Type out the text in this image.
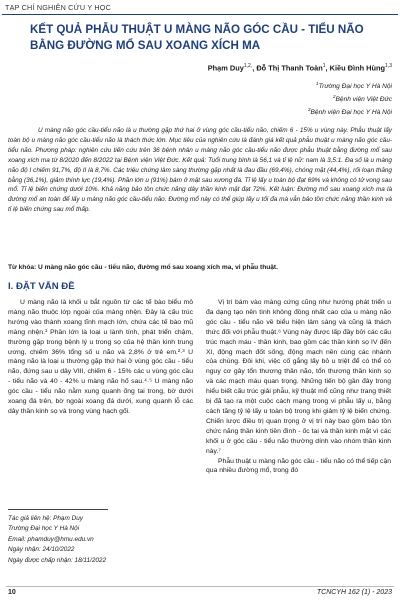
TẠP CHÍ NGHIÊN CỨU Y HỌC
KẾT QUẢ PHẪU THUẬT U MÀNG NÃO GÓC CẦU - TIỂU NÃO
BẰNG ĐƯỜNG MỔ SAU XOANG XÍCH MA
Phạm Duy$^{1,2,}$, Đỗ Thị Thanh Toàn$^1$, Kiều Đình Hùng$^{1,3}$
$^1$Trường Đại học Y Hà Nội
$^2$Bệnh viện Việt Đức
$^3$Bệnh viện Đại học Y Hà Nội

U màng não góc cầu-tiểu não là u thường gặp thứ hai ở vùng góc cầu-tiểu não, chiếm 6 - 15% u vùng này. Phẫu thuật lấy toàn bộ u màng não góc cầu-tiểu não là thách thức lớn. Mục tiêu của nghiên cứu là đánh giá kết quả phẫu thuật u màng não góc cầu-tiểu não. Phương pháp: nghiên cứu tiến cứu trên 36 bệnh nhân u màng não góc cầu-tiểu não được phẫu thuật bằng đường mổ sau xoang xích ma từ 8/2020 đến 8/2022 tại Bệnh viện Việt Đức. Kết quả: Tuổi trung bình là 56,1 và tỉ lệ nữ: nam là 3,5:1. Đa số là u màng não độ I chiếm 91,7%, độ II là 8,7%. Các triệu chứng lâm sàng thường gặp nhất là đau đầu (69,4%), chóng mặt (44,4%), rối loạn thăng bằng (36,1%), giảm thính lực (19,4%). Phần lớn u (91%) bám ở mặt sau xương đá. Tỉ lệ lấy u toàn bộ đạt 69% và không có tử vong sau mổ. Tỉ lệ biến chứng dưới 10%. Khả năng bảo tồn chức năng dây thần kinh mặt đạt 72%. Kết luận: Đường mổ sau xoang xích ma là đường mổ an toàn để lấy u màng não góc cầu-tiểu não. Đường mổ này có thể giúp lấy u tối đa mà vẫn bảo tồn chức năng thần kinh và tỉ lệ biến chứng sau mổ thấp.

Từ khóa: U màng não góc cầu - tiểu não, đường mổ sau xoang xích ma, vi phẫu thuật.
I. ĐẶT VẤN ĐỀ

U màng não là khối u bắt nguồn từ các tế bào biểu mô màng não thuộc lớp ngoài của màng nhện. Đây là cấu trúc hướng vào thành xoang tĩnh mạch lớn, chứa các tế bào mũ màng nhện.¹ Phần lớn là loại u lành tính, phát triển chậm, thường gặp trong bệnh lý u trong sọ của hệ thần kinh trung ương, chiếm 36% tổng số u não và 2,8% ở trẻ em.²·³ U màng não là loại u thường gặp thứ hai ở vùng góc cầu - tiểu não, đứng sau u dây VIII, chiếm 6 - 15% các u vùng góc cầu - tiểu não và 40 - 42% u màng não hố sau.⁴·⁵ U màng não góc cầu - tiểu não nằm xung quanh ống tai trong, bờ dưới xoang đá trên, bờ ngoài xoang đá dưới, xung quanh lỗ các dây thần kinh sọ và trong vùng hạch gối.

Vị trí bám vào màng cứng cũng như hướng phát triển u đa dạng tạo nên tình không đồng nhất cao của u màng não góc cầu - tiểu não về biểu hiện lâm sàng và cũng là thách thức đối với phẫu thuật.⁶ Vùng này được lấp đầy bởi các cấu trúc mạch máu - thần kinh, bao gồm các thần kinh sọ IV đến XI, động mạch đốt sống, động mạch nền cùng các nhánh của chúng. Đôi khi, việc cố gắng lấy bỏ u triệt để có thể có nguy cơ gây tổn thương thân não, tổn thương thần kinh sọ và các mạch máu quan trọng. Những tiến bộ gần đây trong hiểu biết cấu trúc giải phẫu, kỹ thuật mổ cũng như trang thiết bị đã tạo ra một cuộc cách mạng trong vi phẫu lấy u, bằng cách tăng tỷ lệ lấy u toàn bộ trong khi giảm tỷ lệ biến chứng. Chiến lược điều trị quan trọng ở vị trí này bao gồm bảo tồn chức năng thần kinh tiền đình - ốc tai và thần kinh mặt vì các khối u ở góc cầu - tiểu não thường dính vào nhóm thần kinh này.⁷

Phẫu thuật u màng não góc cầu - tiểu não có thể tiếp cận qua nhiều đường mổ, trong đó

Tác giả liên hệ: Phạm Duy
Trường Đại học Y Hà Nội
Email: phamduy@hmu.edu.vn
Ngày nhận: 24/10/2022
Ngày được chấp nhận: 18/11/2022
10	TCNCYH 162 (1) - 2023
